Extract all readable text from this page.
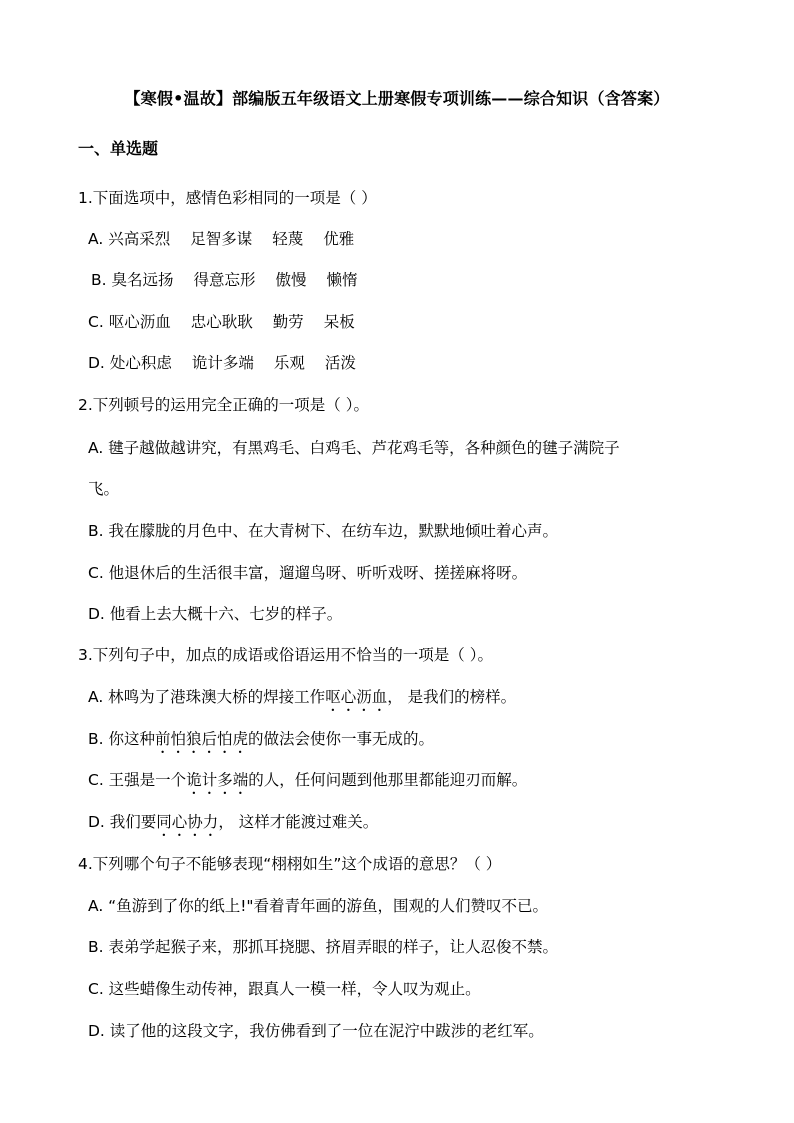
【寒假•温故】部编版五年级语文上册寒假专项训练——综合知识（含答案）
一、单选题
1.下面选项中，感情色彩相同的一项是（ ）
A. 兴高采烈 足智多谋 轻蔑 优雅
B. 臭名远扬 得意忘形 傲慢 懒惰
C. 呕心沥血 忠心耿耿 勤劳 呆板
D. 处心积虑 诡计多端 乐观 活泼
2.下列顿号的运用完全正确的一项是（ ）。
A. 毽子越做越讲究，有黑鸡毛、白鸡毛、芦花鸡毛等，各种颜色的毽子满院子
飞。
B. 我在朦胧的月色中、在大青树下、在纺车边，默默地倾吐着心声。
C. 他退休后的生活很丰富，遛遛鸟呀、听听戏呀、搓搓麻将呀。
D. 他看上去大概十六、七岁的样子。
3.下列句子中，加点的成语或俗语运用不恰当的一项是（ ）。
A. 林鸣为了港珠澳大桥的焊接工作呕心沥血， 是我们的榜样。
B. 你这种前怕狼后怕虎的做法会使你一事无成的。
C. 王强是一个诡计多端的人，任何问题到他那里都能迎刃而解。
D. 我们要同心协力， 这样才能渡过难关。
4.下列哪个句子不能够表现“栩栩如生”这个成语的意思？（ ）
A. “鱼游到了你的纸上!"看着青年画的游鱼，围观的人们赞叹不已。
B. 表弟学起猴子来，那抓耳挠腮、挤眉弄眼的样子，让人忍俊不禁。
C. 这些蜡像生动传神，跟真人一模一样，令人叹为观止。
D. 读了他的这段文字，我仿佛看到了一位在泥泞中跋涉的老红军。
